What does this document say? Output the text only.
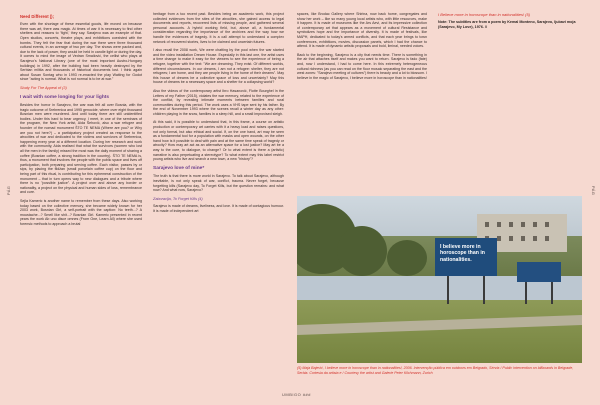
PÁG	PÁG
Need Different ();

Even with the shortage of these essential goods, life moved on because there was art, there was magic. At times of war it is necessary to find other shelters and reasons to 'fight,' they say. Sarajevo was an example of that. Open studios, concerts, theatre plays, and exhibitions coexisted with the bombs. They felt the fear that during the war there were three thousand cultural events, in an average of two per day. The shows were packed and, due to the lack of power, they would be held in candle light or during the day. It comes to mind the image of Vedran Smailović, the cellist who plays at Sarajevo's National Library (one of the most important Austro-Hungary buildings) in 1992, after the building had been heavily destroyed by the Serbian militia and thousands of historical documents lost. I think again about Susan Sontag who in 1993 re-enacted the play Waiting for Godot since "acting is normal. What is not normal is to be at war."

Study For The Appeal of (3)
I wait with some longing for your lights

Besides the horror in Sarajevo, the war was felt all over Bosnia, with the tragic outcome of Srebrenica and 1995 genocide, where over eight thousand Bosnian men were murdered. And until today there are still unidentified bodies. Under this hard to bear urgency, I meet, in one of the seminars of the program, the New York artist, Aida Šehović, also a war refugee and founder of the nomad monument ŠTO TE NEMA (Where are you? or Why are you not here?) – a participatory project created as response to the atrocities of war and dedicated to the victims and survivors of Srebrenica, happening every year at a different location. During her research and work with the community, Aida realised that what the survivors (women who lost all the men in the family) missed the most was the daily moment of sharing a coffee (Bosnian coffee, a strong tradition in the country). ŠTO TE NEMA is, thus, a monument that involves the people with the public space and lives off participation, both preparing and serving coffee. Each visitor, passes by or sips, by placing the fildžan (small porcelain coffee cup) on the floor and being part of this ritual, is contributing for this ephemeral construction of the monument – that in turn opens way to new dialogues and a tribute where there is no "possible justice". A project over and above any border or nationality, a project on the physical and human sides of loss, remembrance and cure.

Sejla Kameric is another name to remember from these days. Also working today based on the collective memory, she became widely known for her 2003 work, Bosnian Girl, a self-portrait with the caption: No teeth...? A moustache...? Smell like shit...? Bosnian Girl. Kameric presented in recent years the work Ab uno disce omnes (From One, Learn All) where she used forensic methods to approach a brutal

heritage from a too recent past. Besides being an academic work, this project collected evidences from the sites of the atrocities, she gained access to legal documents and reports, recovered lists of missing people, and gathered several personal accounts. A hybrid working field, but, above all, a fundamental consideration regarding the importance of the archives and the way how we handle the evidences of tragedy. It is a call attempt to understand a complex network of recovered stories, lives to be claimed and uncertain futures.

I also recall the 2008 work, We were chatting by the pool when the war started and the video installation Dream House. Especially in this last one, the artist uses a time change to make it easy for the viewers to see the experience of being a refugee, together with the text: "We are dreaming. They exist. Of different worlds, different circumstances. In our dreams, I am not a refugee: shelter, they are not refugees; I am home, and they are people living in the home of their dreams". May this house of dreams be a collective space of loss and uncertainty? May this house of dreams be a necessary space and a shelter for a collapsing world?

Also the videos of the contemporary artist Ibro Hasanović, Flotte Bourghel in the Letters of my Father (2015), violates the war memory, related to the experience of the conflict, by revealing intimate moments between families and rural communities during this period. The work uses a VHS tape sent by his father. By the end of November 1993 where the scenes recall a winter day as any other: children playing in the snow, families in a sleep hill, and a small improvised sleigh.

At this said, it is possible to understand that, in this frame, a course on artistic production or contemporary art carries with it a heavy load and raises questions, not only formal, but also ethical and social. If, on the one hand, art may be seen as a fundamental tool for a population with masks and open wounds, on the other hand how is it possible to deal with pain and at the same time speak of tragedy or atrocity? How may art act as an alternative space for a lost justice? May art be a way to the cure, to dialogue, to change? Or to what extent is there a (artistic) narrative is also perpetuating a stereotype? To what extent may this label restrict young artists who live and search a new town, a new "history"?

Sarajevo love of mine*

The truth is that there is more world in Sarajevo. To talk about Sarajevo, although inevitable, is not only speak of war, conflict, trauma. Never forget, because forgetting kills (Sarajevo day, To Forget Kills, but the question remains: and what now? And what now, Sarajevo?

Zaboravlja, To Forget Kills (4)

Sarajevo is made of dreams, liveliness, and love. It is made of contagious humour. It is made of independent art

spaces, like Brodac Gallery where Shirina, now back home, congregates and show her work – like so many young local artists who, with little resources, make it happen. It is made of museums like the Ars Aevi, and its impressive collection of contemporary art that appears as a movement of cultural Resistance and symbolizes hope and the importance of diversity. It is made of festivals, like MAPH, dedicated to today's armed conflicts, and that each year brings to town conferences, exhibitions, movies, discussion panels, which I had the chance to attend. It is made of dynamic artistic proposals and bold, liminal, needed voices.

Back to the beginning, Sarajevo is a city that needs time. There is something in the air that attaches itself and makes you want to return. Sarajevo is fado (fate) and, now I understand, I had to come here. In this extremely heterogeneous cultural richness (as you can read on the floor mosaic separating the east and the west zones: "Sarajevo meeting of cultures") there is beauty and a lot to blossom. I believe in the magic of Sarajevo, I believe more in horoscope than in nationalities!

I Believe more in horoscope than in nationalities! (5)
Note: The subtitles are from a poem by Kemal Monteno, Sarajevo, ljubavi moja (Sarajevo, My Love), 1976. //
I believe more in horoscope than in nationalities.
(5) Maja Bajević, I believe more in horoscope than in nationalities!, 2006. Intervenção pública em outdoors em Belgrado, Sérvia / Public intervention on billboards in Belgrade, Serbia. Cortesia da artista e / Courtesy the artist and Galerie Peter Kilchmann, Zurich
UMBIGO ###
